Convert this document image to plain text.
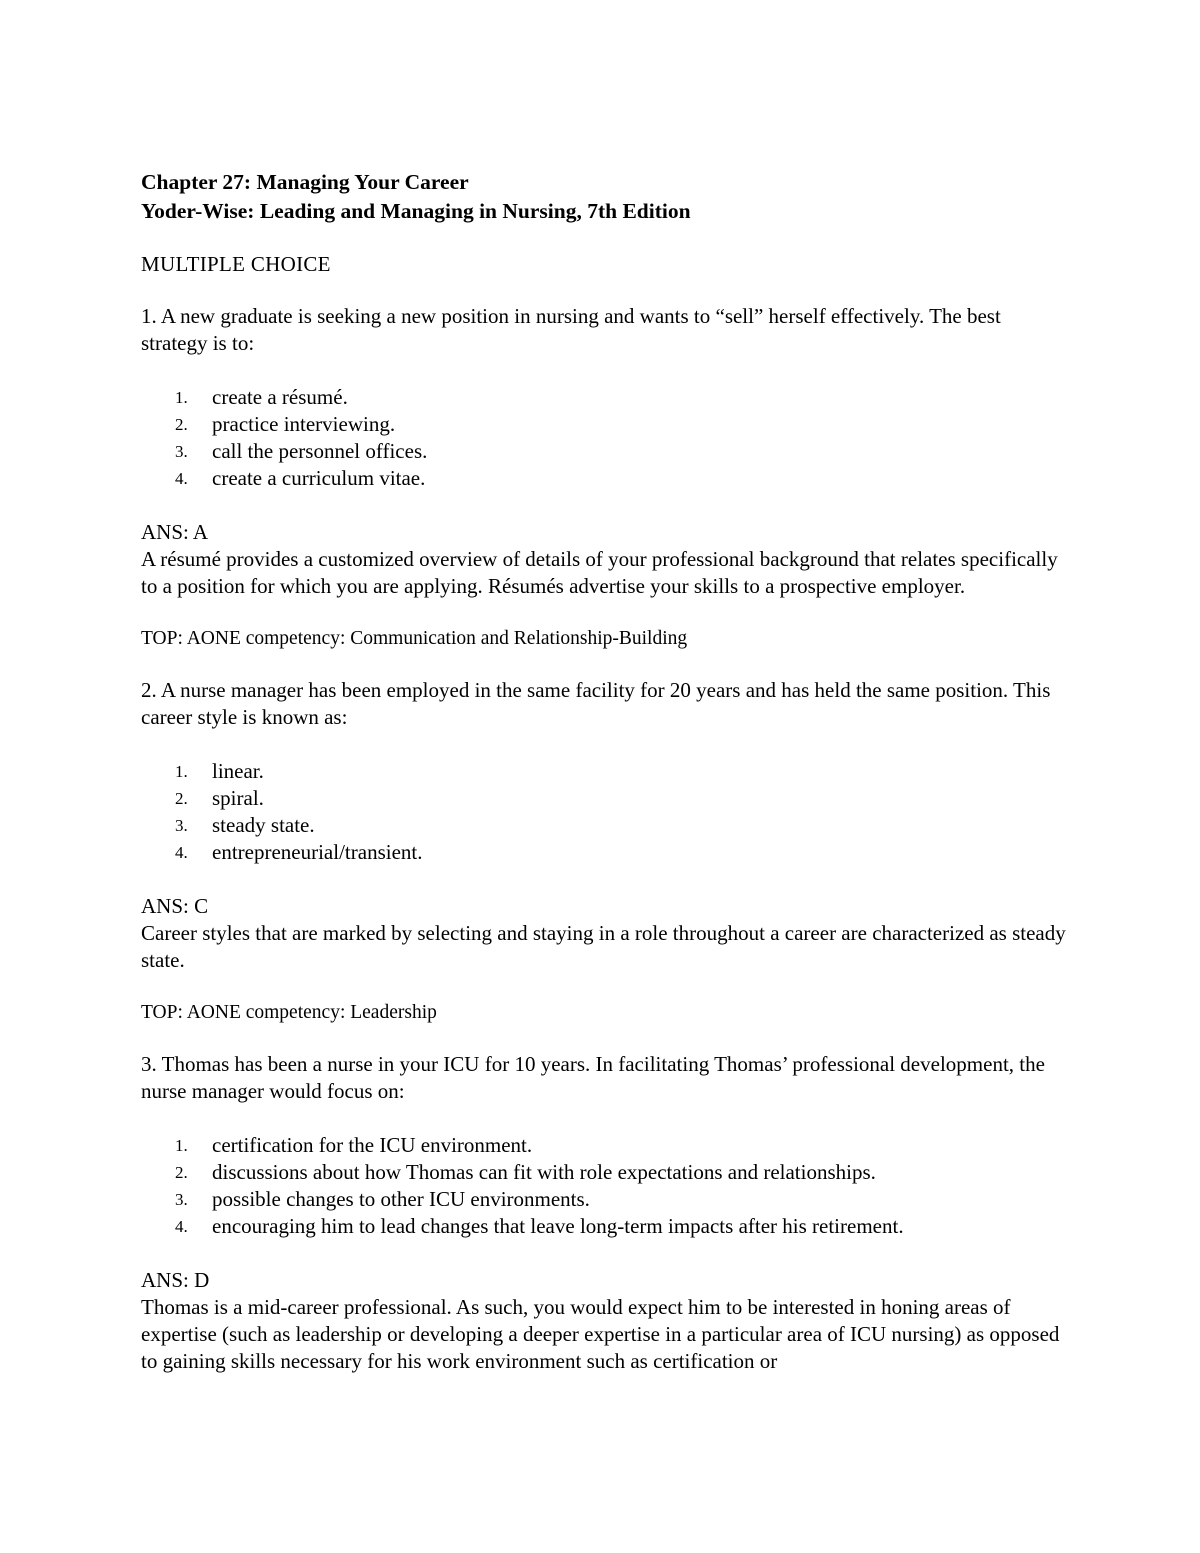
Chapter 27: Managing Your Career

Yoder-Wise: Leading and Managing in Nursing, 7th Edition

MULTIPLE CHOICE

1. A new graduate is seeking a new position in nursing and wants to “sell” herself effectively. The best strategy is to:

1. create a résumé.
2. practice interviewing.
3. call the personnel offices.
4. create a curriculum vitae.
ANS: A

A résumé provides a customized overview of details of your professional background that relates specifically to a position for which you are applying. Résumés advertise your skills to a prospective employer.

TOP: AONE competency: Communication and Relationship-Building

2. A nurse manager has been employed in the same facility for 20 years and has held the same position. This career style is known as:

1. linear.
2. spiral.
3. steady state.
4. entrepreneurial/transient.
ANS: C

Career styles that are marked by selecting and staying in a role throughout a career are characterized as steady state.

TOP: AONE competency: Leadership

3. Thomas has been a nurse in your ICU for 10 years. In facilitating Thomas’ professional development, the nurse manager would focus on:

1. certification for the ICU environment.
2. discussions about how Thomas can fit with role expectations and relationships.
3. possible changes to other ICU environments.
4. encouraging him to lead changes that leave long-term impacts after his retirement.
ANS: D

Thomas is a mid-career professional. As such, you would expect him to be interested in honing areas of expertise (such as leadership or developing a deeper expertise in a particular area of ICU nursing) as opposed to gaining skills necessary for his work environment such as certification or
